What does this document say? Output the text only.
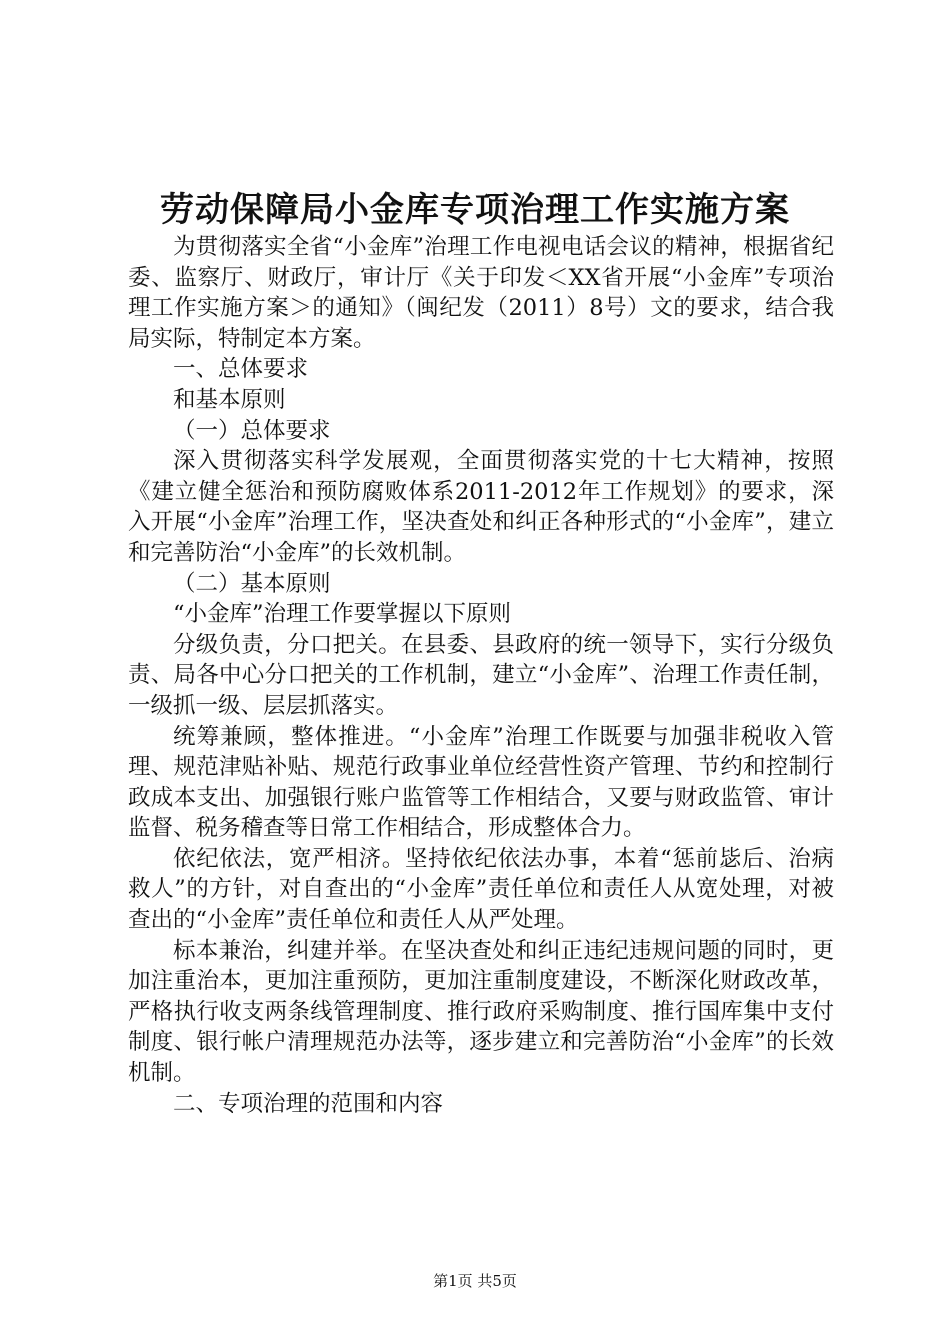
劳动保障局小金库专项治理工作实施方案

为贯彻落实全省“小金库”治理工作电视电话会议的精神，根据省纪委、监察厅、财政厅，审计厅《关于印发＜XX省开展“小金库”专项治理工作实施方案＞的通知》（闽纪发（2011）8号）文的要求，结合我局实际，特制定本方案。

一、总体要求

和基本原则

（一）总体要求

深入贯彻落实科学发展观，全面贯彻落实党的十七大精神，按照《建立健全惩治和预防腐败体系2011-2012年工作规划》的要求，深入开展“小金库”治理工作，坚决查处和纠正各种形式的“小金库”，建立和完善防治“小金库”的长效机制。

（二）基本原则

“小金库”治理工作要掌握以下原则

分级负责，分口把关。在县委、县政府的统一领导下，实行分级负责、局各中心分口把关的工作机制，建立“小金库”、治理工作责任制，一级抓一级、层层抓落实。

统筹兼顾，整体推进。“小金库”治理工作既要与加强非税收入管理、规范津贴补贴、规范行政事业单位经营性资产管理、节约和控制行政成本支出、加强银行账户监管等工作相结合，又要与财政监管、审计监督、税务稽查等日常工作相结合，形成整体合力。

依纪依法，宽严相济。坚持依纪依法办事，本着“惩前毖后、治病救人”的方针，对自查出的“小金库”责任单位和责任人从宽处理，对被查出的“小金库”责任单位和责任人从严处理。

标本兼治，纠建并举。在坚决查处和纠正违纪违规问题的同时，更加注重治本，更加注重预防，更加注重制度建设，不断深化财政改革，严格执行收支两条线管理制度、推行政府采购制度、推行国库集中支付制度、银行帐户清理规范办法等，逐步建立和完善防治“小金库”的长效机制。

二、专项治理的范围和内容

第1页 共5页
